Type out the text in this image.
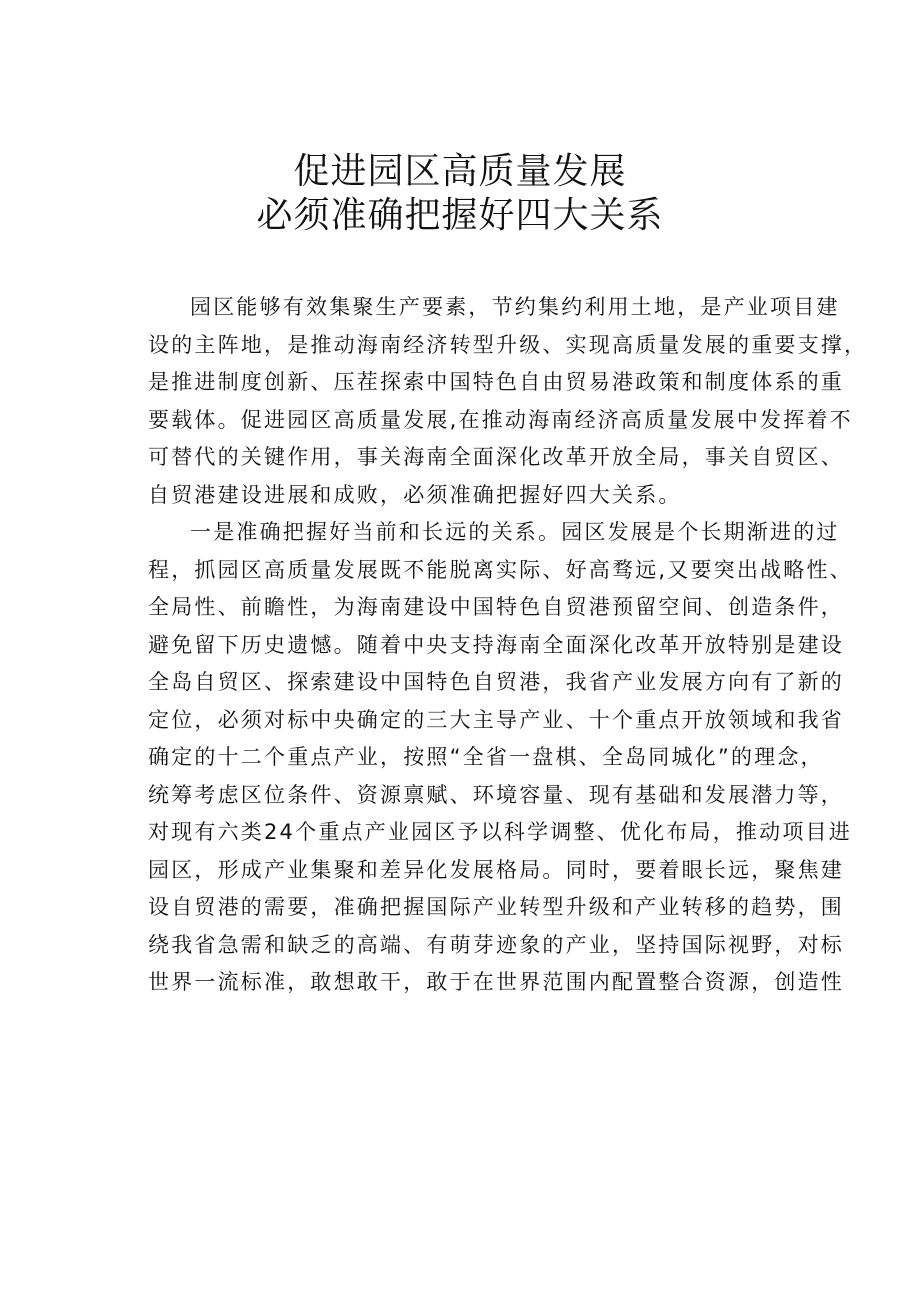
促进园区高质量发展
必须准确把握好四大关系

园区能够有效集聚生产要素，节约集约利用土地，是产业项目建
设的主阵地，是推动海南经济转型升级、实现高质量发展的重要支撑，
是推进制度创新、压茬探索中国特色自由贸易港政策和制度体系的重
要载体。促进园区高质量发展,在推动海南经济高质量发展中发挥着不
可替代的关键作用，事关海南全面深化改革开放全局，事关自贸区、
自贸港建设进展和成败，必须准确把握好四大关系。

一是准确把握好当前和长远的关系。园区发展是个长期渐进的过
程，抓园区高质量发展既不能脱离实际、好高骛远,又要突出战略性、
全局性、前瞻性，为海南建设中国特色自贸港预留空间、创造条件，
避免留下历史遗憾。随着中央支持海南全面深化改革开放特别是建设
全岛自贸区、探索建设中国特色自贸港，我省产业发展方向有了新的
定位，必须对标中央确定的三大主导产业、十个重点开放领域和我省
确定的十二个重点产业，按照“全省一盘棋、全岛同城化”的理念，
统筹考虑区位条件、资源禀赋、环境容量、现有基础和发展潜力等，
对现有六类24个重点产业园区予以科学调整、优化布局，推动项目进
园区，形成产业集聚和差异化发展格局。同时，要着眼长远，聚焦建
设自贸港的需要，准确把握国际产业转型升级和产业转移的趋势，围
绕我省急需和缺乏的高端、有萌芽迹象的产业，坚持国际视野，对标
世界一流标准，敢想敢干，敢于在世界范围内配置整合资源，创造性
